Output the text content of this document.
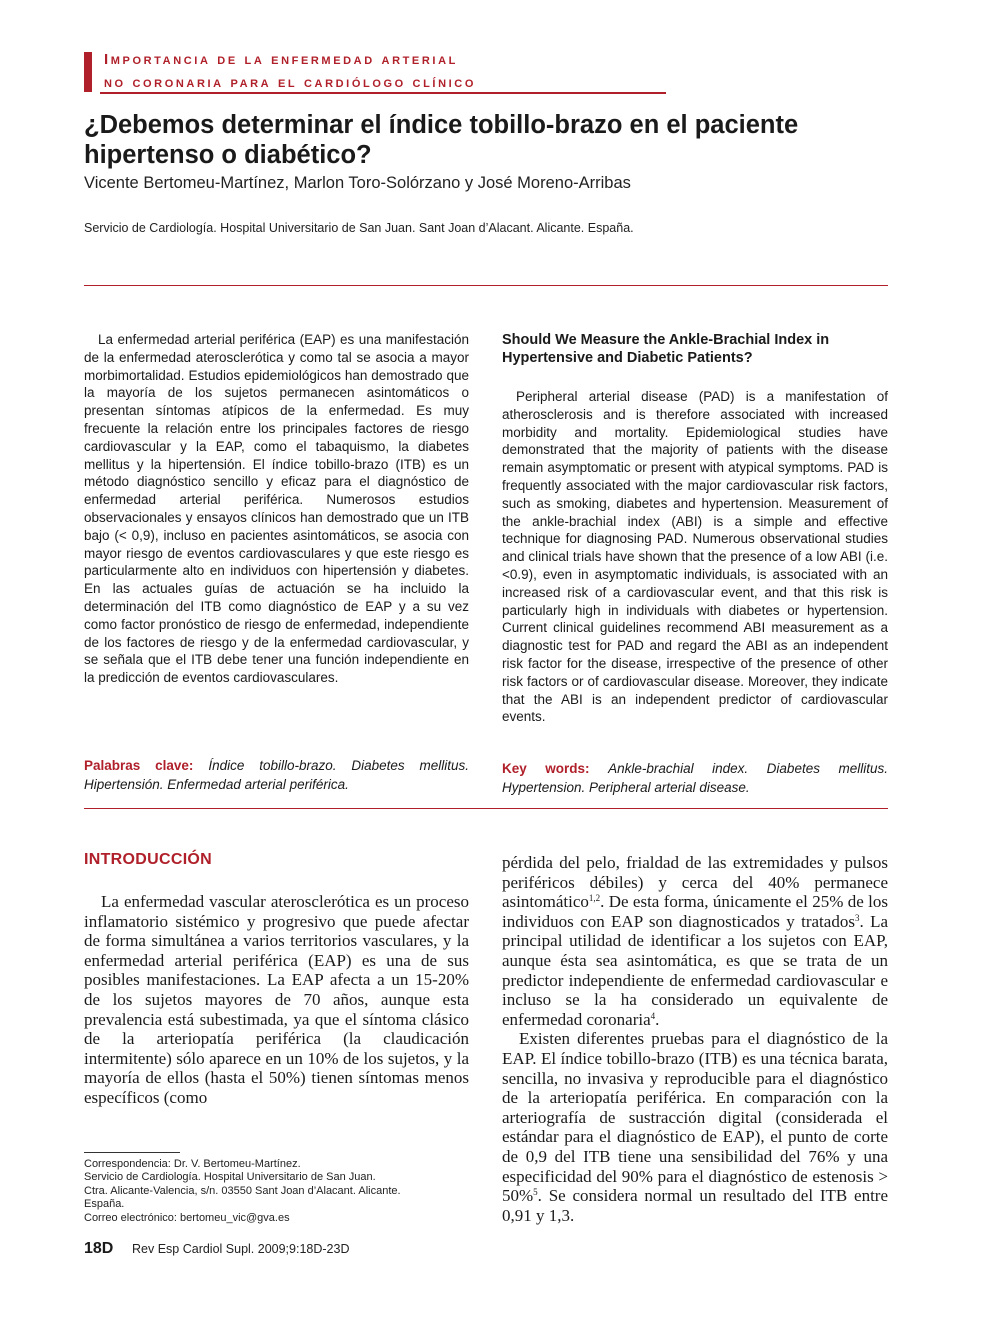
Importancia de la enfermedad arterial
no coronaria para el cardiólogo clínico
¿Debemos determinar el índice tobillo-brazo en el paciente hipertenso o diabético?
Vicente Bertomeu-Martínez, Marlon Toro-Solórzano y José Moreno-Arribas
Servicio de Cardiología. Hospital Universitario de San Juan. Sant Joan d’Alacant. Alicante. España.
La enfermedad arterial periférica (EAP) es una manifestación de la enfermedad aterosclerótica y como tal se asocia a mayor morbimortalidad. Estudios epidemiológicos han demostrado que la mayoría de los sujetos permanecen asintomáticos o presentan síntomas atípicos de la enfermedad. Es muy frecuente la relación entre los principales factores de riesgo cardiovascular y la EAP, como el tabaquismo, la diabetes mellitus y la hipertensión. El índice tobillo-brazo (ITB) es un método diagnóstico sencillo y eficaz para el diagnóstico de enfermedad arterial periférica. Numerosos estudios observacionales y ensayos clínicos han demostrado que un ITB bajo (< 0,9), incluso en pacientes asintomáticos, se asocia con mayor riesgo de eventos cardiovasculares y que este riesgo es particularmente alto en individuos con hipertensión y diabetes. En las actuales guías de actuación se ha incluido la determinación del ITB como diagnóstico de EAP y a su vez como factor pronóstico de riesgo de enfermedad, independiente de los factores de riesgo y de la enfermedad cardiovascular, y se señala que el ITB debe tener una función independiente en la predicción de eventos cardiovasculares.
Palabras clave: Índice tobillo-brazo. Diabetes mellitus. Hipertensión. Enfermedad arterial periférica.
Should We Measure the Ankle-Brachial Index in Hypertensive and Diabetic Patients?
Peripheral arterial disease (PAD) is a manifestation of atherosclerosis and is therefore associated with increased morbidity and mortality. Epidemiological studies have demonstrated that the majority of patients with the disease remain asymptomatic or present with atypical symptoms. PAD is frequently associated with the major cardiovascular risk factors, such as smoking, diabetes and hypertension. Measurement of the ankle-brachial index (ABI) is a simple and effective technique for diagnosing PAD. Numerous observational studies and clinical trials have shown that the presence of a low ABI (i.e. <0.9), even in asymptomatic individuals, is associated with an increased risk of a cardiovascular event, and that this risk is particularly high in individuals with diabetes or hypertension. Current clinical guidelines recommend ABI measurement as a diagnostic test for PAD and regard the ABI as an independent risk factor for the disease, irrespective of the presence of other risk factors or of cardiovascular disease. Moreover, they indicate that the ABI is an independent predictor of cardiovascular events.
Key words: Ankle-brachial index. Diabetes mellitus. Hypertension. Peripheral arterial disease.
INTRODUCCIÓN
La enfermedad vascular aterosclerótica es un proceso inflamatorio sistémico y progresivo que puede afectar de forma simultánea a varios territorios vasculares, y la enfermedad arterial periférica (EAP) es una de sus posibles manifestaciones. La EAP afecta a un 15-20% de los sujetos mayores de 70 años, aunque esta prevalencia está subestimada, ya que el síntoma clásico de la arteriopatía periférica (la claudicación intermitente) sólo aparece en un 10% de los sujetos, y la mayoría de ellos (hasta el 50%) tienen síntomas menos específicos (como

pérdida del pelo, frialdad de las extremidades y pulsos periféricos débiles) y cerca del 40% permanece asintomático$^{1,2}$. De esta forma, únicamente el 25% de los individuos con EAP son diagnosticados y tratados$^3$. La principal utilidad de identificar a los sujetos con EAP, aunque ésta sea asintomática, es que se trata de un predictor independiente de enfermedad cardiovascular e incluso se la ha considerado un equivalente de enfermedad coronaria$^4$.

Existen diferentes pruebas para el diagnóstico de la EAP. El índice tobillo-brazo (ITB) es una técnica barata, sencilla, no invasiva y reproducible para el diagnóstico de la arteriopatía periférica. En comparación con la arteriografía de sustracción digital (considerada el estándar para el diagnóstico de EAP), el punto de corte de 0,9 del ITB tiene una sensibilidad del 76% y una especificidad del 90% para el diagnóstico de estenosis > 50%$^5$. Se considera normal un resultado del ITB entre 0,91 y 1,3.

Correspondencia: Dr. V. Bertomeu-Martínez.
Servicio de Cardiología. Hospital Universitario de San Juan.
Ctra. Alicante-Valencia, s/n. 03550 Sant Joan d’Alacant. Alicante.
España.
Correo electrónico: bertomeu_vic@gva.es
18D Rev Esp Cardiol Supl. 2009;9:18D-23D
